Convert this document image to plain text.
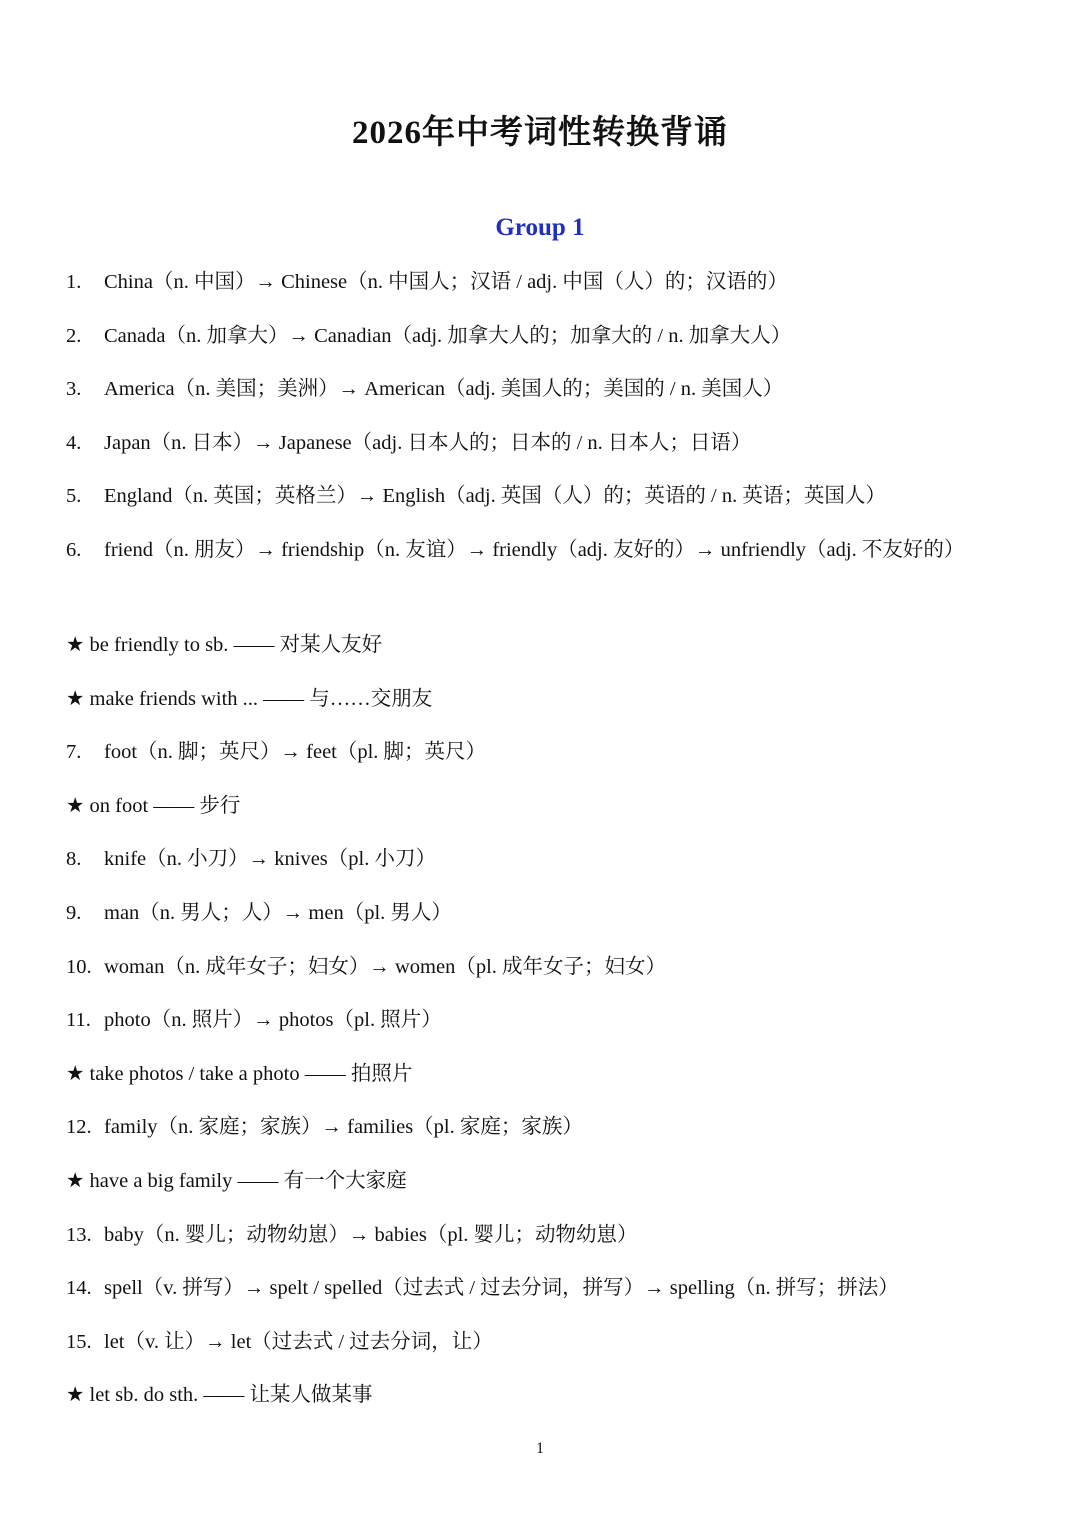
2026年中考词性转换背诵
Group 1
1. China（n. 中国）→ Chinese（n. 中国人；汉语 / adj. 中国（人）的；汉语的）
2. Canada（n. 加拿大）→ Canadian（adj. 加拿大人的；加拿大的 / n. 加拿大人）
3. America（n. 美国；美洲）→ American（adj. 美国人的；美国的 / n. 美国人）
4. Japan（n. 日本）→ Japanese（adj. 日本人的；日本的 / n. 日本人；日语）
5. England（n. 英国；英格兰）→ English（adj. 英国（人）的；英语的 / n. 英语；英国人）
6. friend（n. 朋友）→ friendship（n. 友谊）→ friendly（adj. 友好的）→ unfriendly（adj. 不友好的）
★ be friendly to sb. —— 对某人友好
★ make friends with ... —— 与……交朋友
7. foot（n. 脚；英尺）→ feet（pl. 脚；英尺）
★ on foot —— 步行
8. knife（n. 小刀）→ knives（pl. 小刀）
9. man（n. 男人；人）→ men（pl. 男人）
10. woman（n. 成年女子；妇女）→ women（pl. 成年女子；妇女）
11. photo（n. 照片）→ photos（pl. 照片）
★ take photos / take a photo —— 拍照片
12. family（n. 家庭；家族）→ families（pl. 家庭；家族）
★ have a big family —— 有一个大家庭
13. baby（n. 婴儿；动物幼崽）→ babies（pl. 婴儿；动物幼崽）
14. spell（v. 拼写）→ spelt / spelled（过去式 / 过去分词，拼写）→ spelling（n. 拼写；拼法）
15. let（v. 让）→ let（过去式 / 过去分词，让）
★ let sb. do sth. —— 让某人做某事
1
